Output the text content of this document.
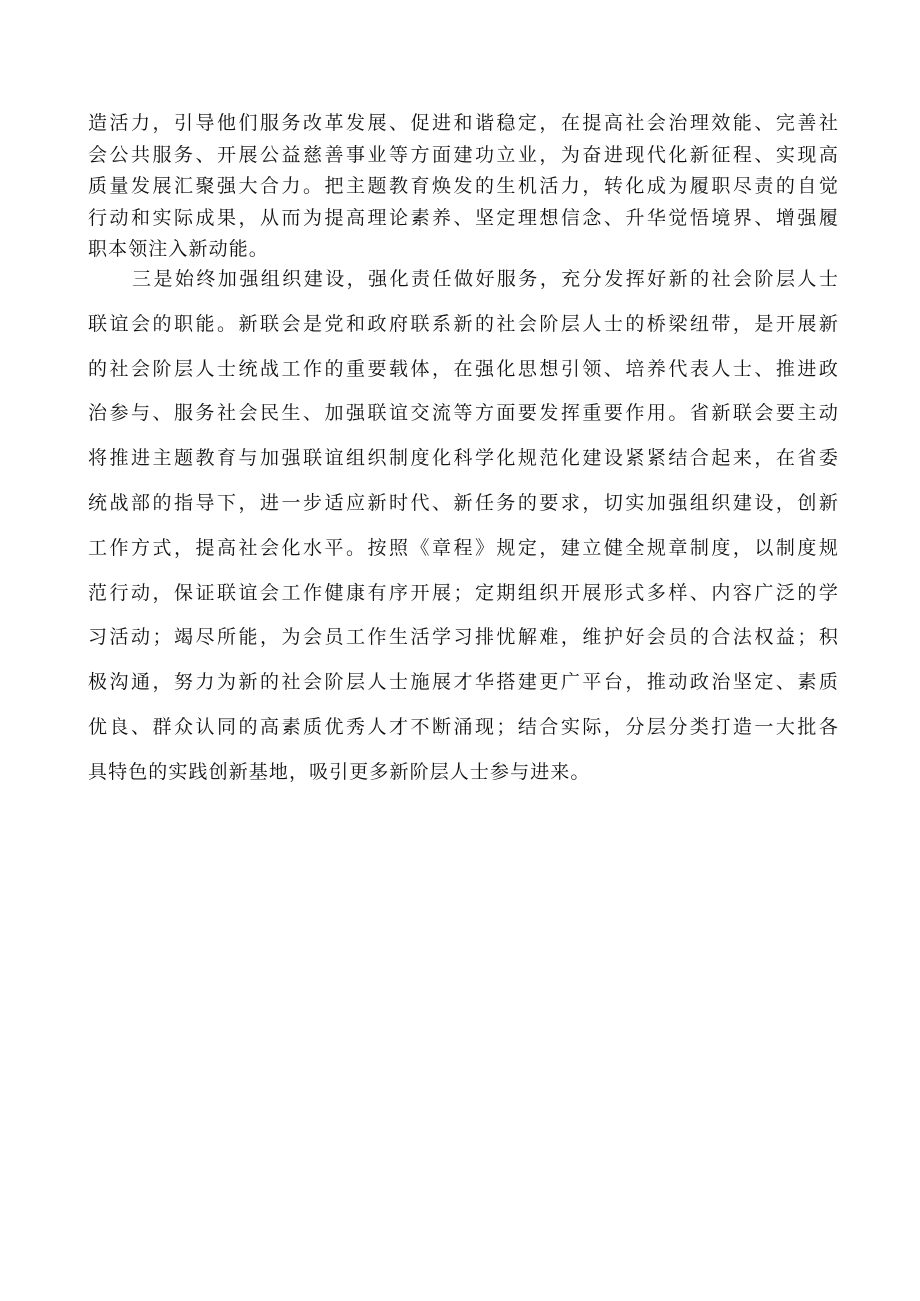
造活力，引导他们服务改革发展、促进和谐稳定，在提高社会治理效能、完善社
会公共服务、开展公益慈善事业等方面建功立业，为奋进现代化新征程、实现高
质量发展汇聚强大合力。把主题教育焕发的生机活力，转化成为履职尽责的自觉
行动和实际成果，从而为提高理论素养、坚定理想信念、升华觉悟境界、增强履
职本领注入新动能。
三是始终加强组织建设，强化责任做好服务，充分发挥好新的社会阶层人士
联谊会的职能。新联会是党和政府联系新的社会阶层人士的桥梁纽带，是开展新
的社会阶层人士统战工作的重要载体，在强化思想引领、培养代表人士、推进政
治参与、服务社会民生、加强联谊交流等方面要发挥重要作用。省新联会要主动
将推进主题教育与加强联谊组织制度化科学化规范化建设紧紧结合起来，在省委
统战部的指导下，进一步适应新时代、新任务的要求，切实加强组织建设，创新
工作方式，提高社会化水平。按照《章程》规定，建立健全规章制度，以制度规
范行动，保证联谊会工作健康有序开展；定期组织开展形式多样、内容广泛的学
习活动；竭尽所能，为会员工作生活学习排忧解难，维护好会员的合法权益；积
极沟通，努力为新的社会阶层人士施展才华搭建更广平台，推动政治坚定、素质
优良、群众认同的高素质优秀人才不断涌现；结合实际，分层分类打造一大批各
具特色的实践创新基地，吸引更多新阶层人士参与进来。
